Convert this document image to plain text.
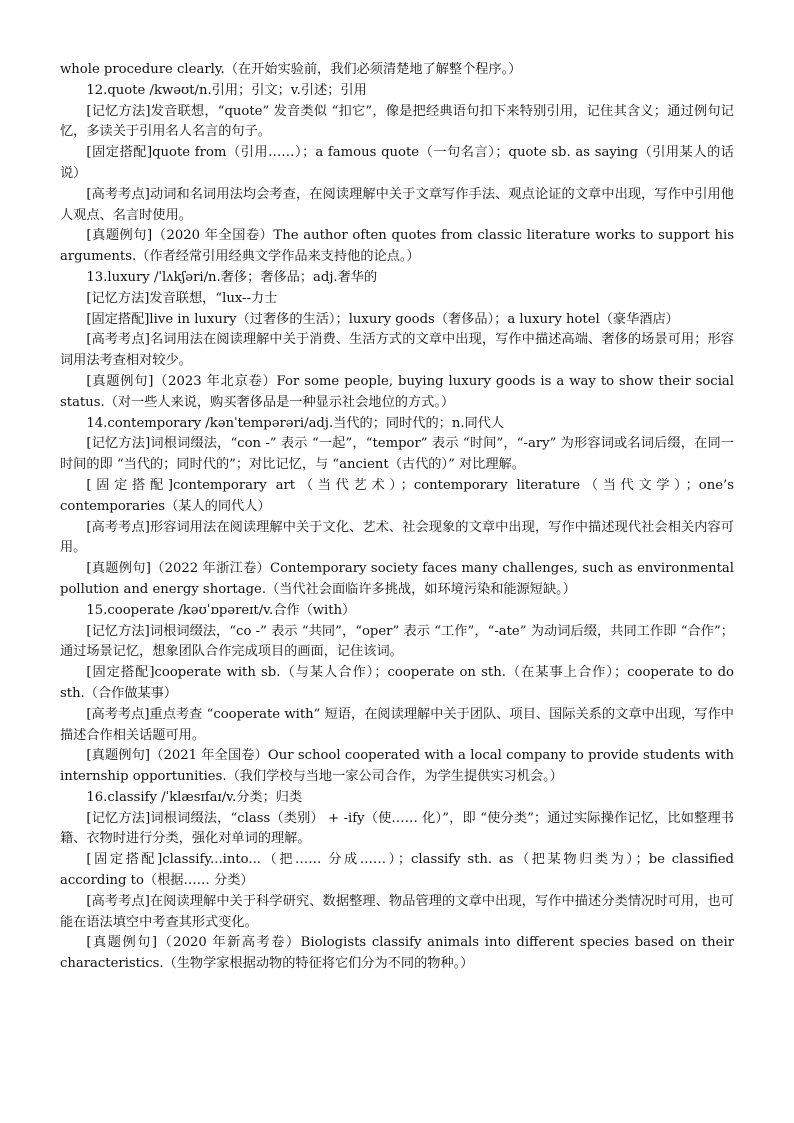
whole procedure clearly.（在开始实验前，我们必须清楚地了解整个程序。）

12.quote /kwəʊt/n.引用；引文；v.引述；引用

[记忆方法]发音联想，“quote” 发音类似 “扣它”，像是把经典语句扣下来特别引用，记住其含义；通过例句记忆，多读关于引用名人名言的句子。

[固定搭配]quote from（引用……）；a famous quote（一句名言）；quote sb. as saying（引用某人的话说）

[高考考点]动词和名词用法均会考查，在阅读理解中关于文章写作手法、观点论证的文章中出现，写作中引用他人观点、名言时使用。

[真题例句]（2020 年全国卷）The author often quotes from classic literature works to support his arguments.（作者经常引用经典文学作品来支持他的论点。）

13.luxury /ˈlʌkʃəri/n.奢侈；奢侈品；adj.奢华的

[记忆方法]发音联想，“lux--力士

[固定搭配]live in luxury（过奢侈的生活）；luxury goods（奢侈品）；a luxury hotel（豪华酒店）

[高考考点]名词用法在阅读理解中关于消费、生活方式的文章中出现，写作中描述高端、奢侈的场景可用；形容词用法考查相对较少。

[真题例句]（2023 年北京卷）For some people, buying luxury goods is a way to show their social status.（对一些人来说，购买奢侈品是一种显示社会地位的方式。）

14.contemporary /kənˈtempərəri/adj.当代的；同时代的；n.同代人

[记忆方法]词根词缀法，“con -” 表示 “一起”，“tempor” 表示 “时间”，“-ary” 为形容词或名词后缀，在同一时间的即 “当代的；同时代的”；对比记忆，与 “ancient（古代的）” 对比理解。

[固定搭配]contemporary art（当代艺术）；contemporary literature（当代文学）；one’s contemporaries（某人的同代人）

[高考考点]形容词用法在阅读理解中关于文化、艺术、社会现象的文章中出现，写作中描述现代社会相关内容可用。

[真题例句]（2022 年浙江卷）Contemporary society faces many challenges, such as environmental pollution and energy shortage.（当代社会面临许多挑战，如环境污染和能源短缺。）

15.cooperate /kəʊˈɒpəreɪt/v.合作（with）

[记忆方法]词根词缀法，“co -” 表示 “共同”，“oper” 表示 “工作”，“-ate” 为动词后缀，共同工作即 “合作”；通过场景记忆，想象团队合作完成项目的画面，记住该词。

[固定搭配]cooperate with sb.（与某人合作）；cooperate on sth.（在某事上合作）；cooperate to do sth.（合作做某事）

[高考考点]重点考查 “cooperate with” 短语，在阅读理解中关于团队、项目、国际关系的文章中出现，写作中描述合作相关话题可用。

[真题例句]（2021 年全国卷）Our school cooperated with a local company to provide students with internship opportunities.（我们学校与当地一家公司合作，为学生提供实习机会。）

16.classify /ˈklæsɪfaɪ/v.分类；归类

[记忆方法]词根词缀法，“class（类别） + -ify（使…… 化）”，即 “使分类”；通过实际操作记忆，比如整理书籍、衣物时进行分类，强化对单词的理解。

[固定搭配]classify...into...（把…… 分成……）；classify sth. as（把某物归类为）；be classified according to（根据…… 分类）

[高考考点]在阅读理解中关于科学研究、数据整理、物品管理的文章中出现，写作中描述分类情况时可用，也可能在语法填空中考查其形式变化。

[真题例句]（2020 年新高考卷）Biologists classify animals into different species based on their characteristics.（生物学家根据动物的特征将它们分为不同的物种。）
